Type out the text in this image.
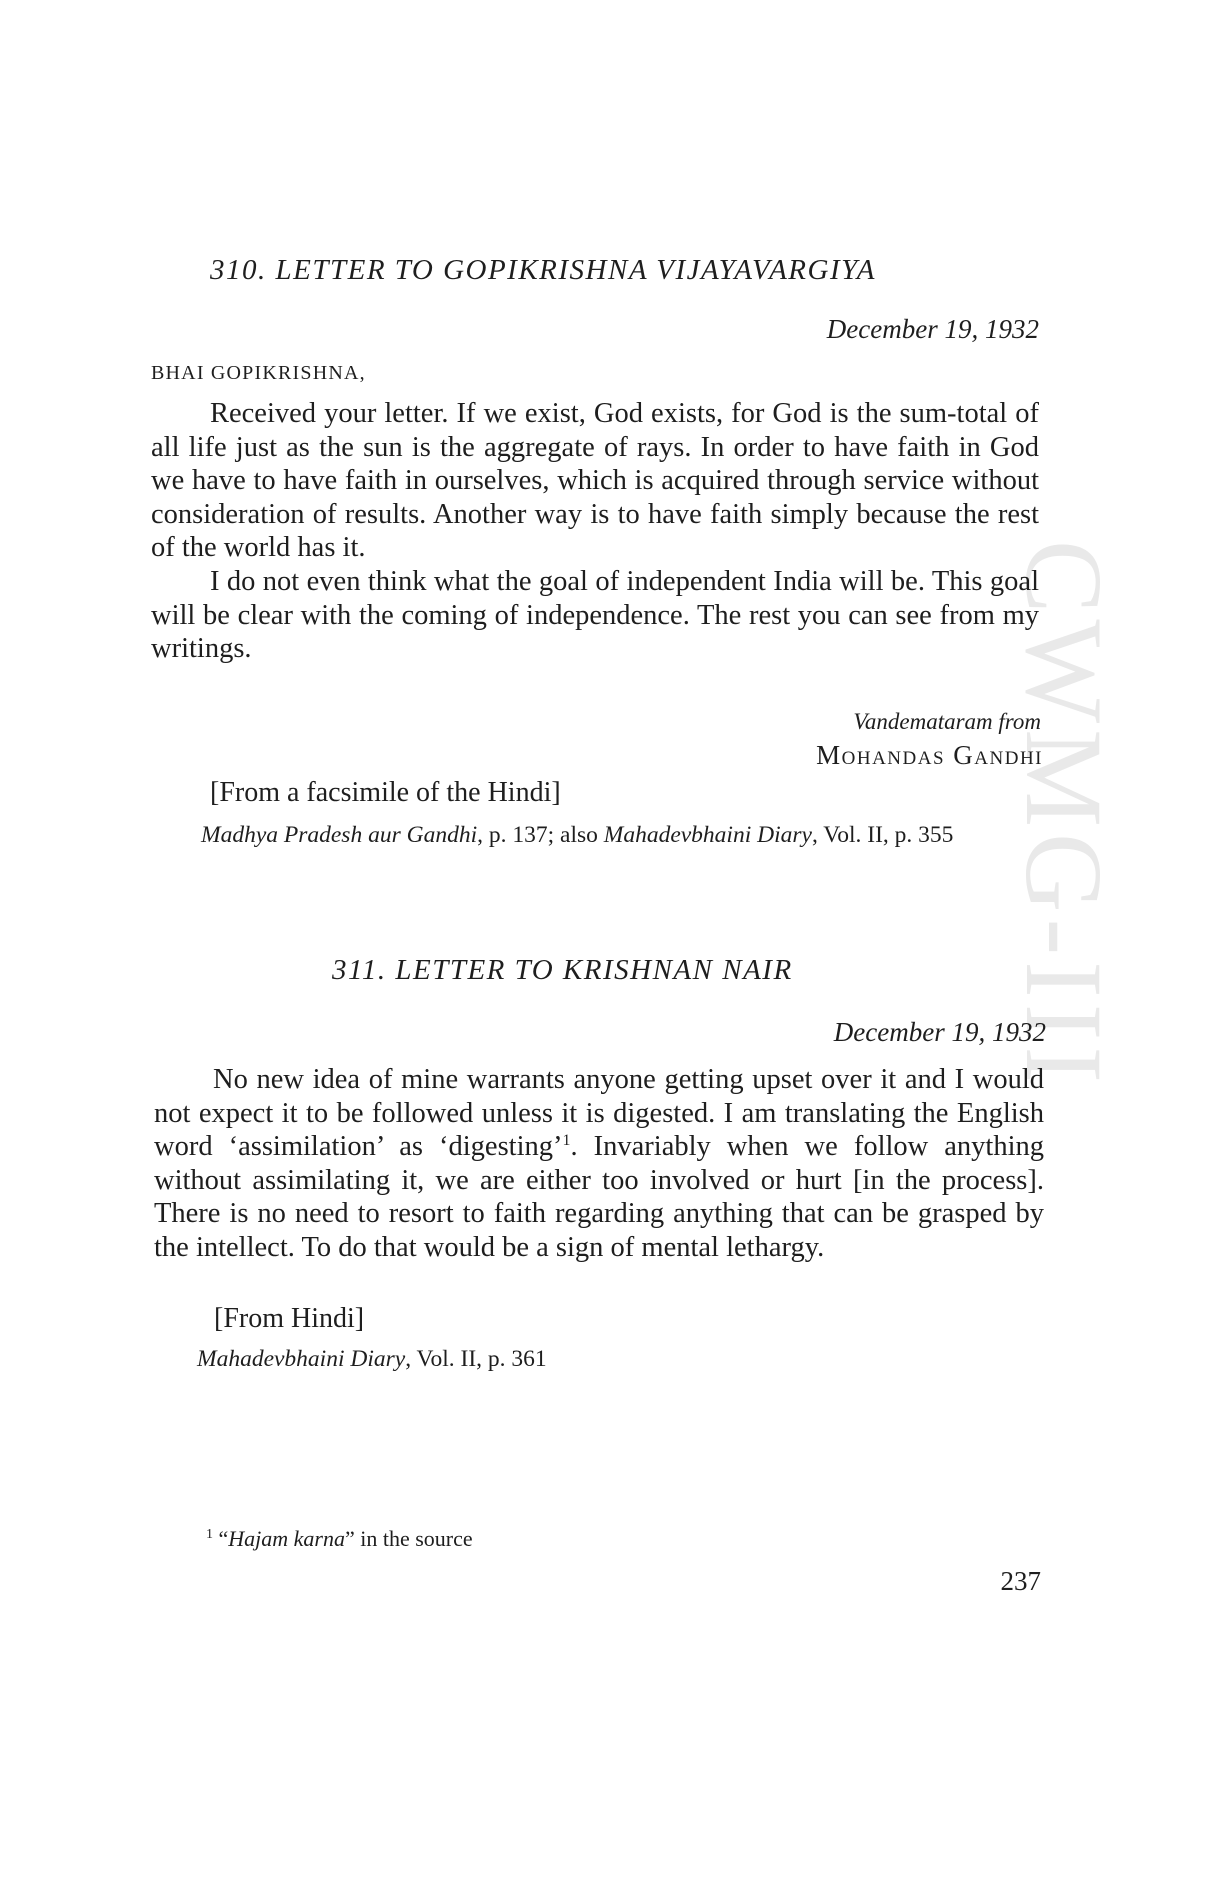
CWMG-III
310. LETTER TO GOPIKRISHNA VIJAYAVARGIYA
December 19, 1932
BHAI GOPIKRISHNA,

Received your letter. If we exist, God exists, for God is the sum-total of all life just as the sun is the aggregate of rays. In order to have faith in God we have to have faith in ourselves, which is acquired through service without consideration of results. Another way is to have faith simply because the rest of the world has it.

I do not even think what the goal of independent India will be. This goal will be clear with the coming of independence. The rest you can see from my writings.

Vandemataram from
Mohandas Gandhi
[From a facsimile of the Hindi]
Madhya Pradesh aur Gandhi, p. 137; also Mahadevbhaini Diary, Vol. II, p. 355
311. LETTER TO KRISHNAN NAIR
December 19, 1932

No new idea of mine warrants anyone getting upset over it and I would not expect it to be followed unless it is digested. I am translating the English word ‘assimilation’ as ‘digesting’$^1$. Invariably when we follow anything without assimilating it, we are either too involved or hurt [in the process]. There is no need to resort to faith regarding anything that can be grasped by the intellect. To do that would be a sign of mental lethargy.

[From Hindi]
Mahadevbhaini Diary, Vol. II, p. 361
$^1$ “Hajam karna” in the source
237
